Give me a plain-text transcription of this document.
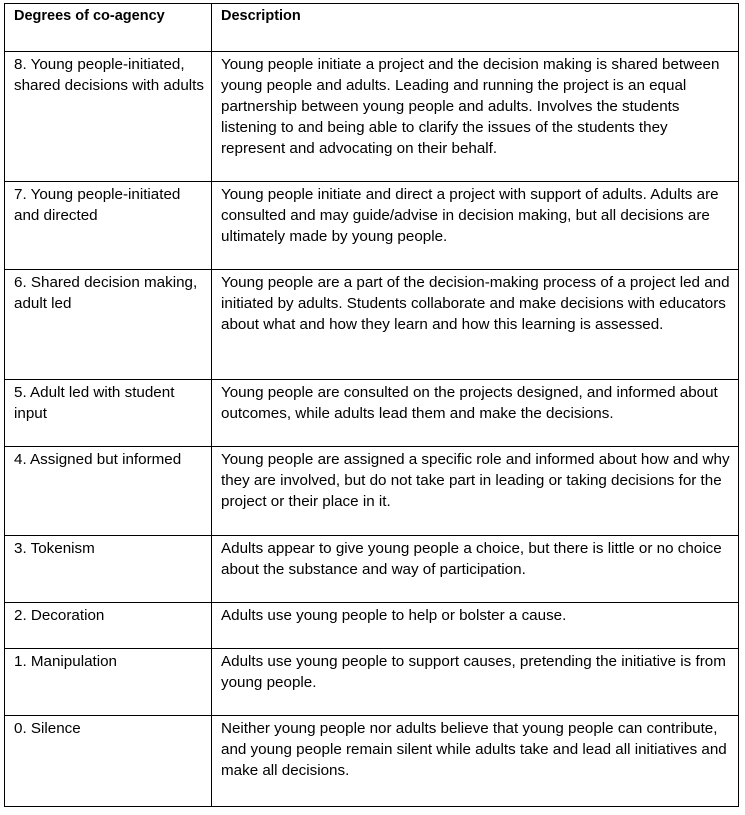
Degrees of co-agency	Description
8. Young people-initiated, shared decisions with adults	Young people initiate a project and the decision making is shared between young people and adults. Leading and running the project is an equal partnership between young people and adults. Involves the students listening to and being able to clarify the issues of the students they represent and advocating on their behalf.
7. Young people-initiated and directed	Young people initiate and direct a project with support of adults. Adults are consulted and may guide/advise in decision making, but all decisions are ultimately made by young people.
6. Shared decision making, adult led	Young people are a part of the decision-making process of a project led and initiated by adults. Students collaborate and make decisions with educators about what and how they learn and how this learning is assessed.
5. Adult led with student input	Young people are consulted on the projects designed, and informed about outcomes, while adults lead them and make the decisions.
4. Assigned but informed	Young people are assigned a specific role and informed about how and why they are involved, but do not take part in leading or taking decisions for the project or their place in it.
3. Tokenism	Adults appear to give young people a choice, but there is little or no choice about the substance and way of participation.
2. Decoration	Adults use young people to help or bolster a cause.
1. Manipulation	Adults use young people to support causes, pretending the initiative is from young people.
0. Silence	Neither young people nor adults believe that young people can contribute, and young people remain silent while adults take and lead all initiatives and make all decisions.
